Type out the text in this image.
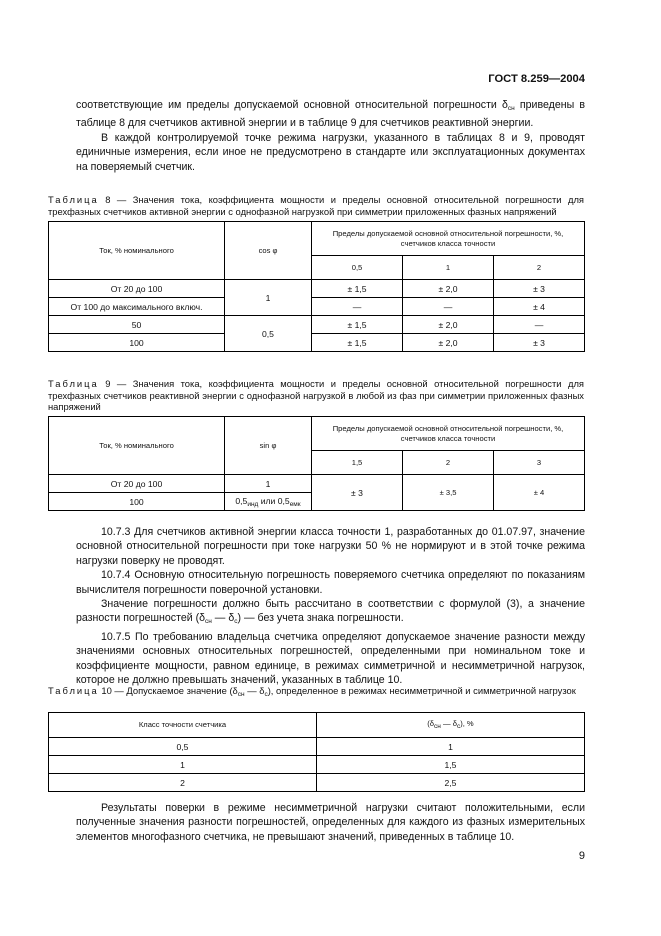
ГОСТ 8.259—2004

соответствующие им пределы допускаемой основной относительной погрешности $\delta_{сн}$ приведены в таблице 8 для счетчиков активной энергии и в таблице 9 для счетчиков реактивной энергии.

В каждой контролируемой точке режима нагрузки, указанного в таблицах 8 и 9, проводят единичные измерения, если иное не предусмотрено в стандарте или эксплуатационных документах на поверяемый счетчик.

Таблица 8 — Значения тока, коэффициента мощности и пределы основной относительной погрешности для трехфазных счетчиков активной энергии с однофазной нагрузкой при симметрии приложенных фазных напряжений
Ток, % номинального	cos φ	Пределы допускаемой основной относительной погрешности, %, счетчиков класса точности		
		0,5	1	2
От 20 до 100	1	± 1,5	± 2,0	± 3
От 100 до максимального включ.		—	—	± 4
50	0,5	± 1,5	± 2,0	—
100		± 1,5	± 2,0	± 3
Таблица 9 — Значения тока, коэффициента мощности и пределы основной относительной погрешности для трехфазных счетчиков реактивной энергии с однофазной нагрузкой в любой из фаз при симметрии приложенных фазных напряжений
Ток, % номинального	sin φ	Пределы допускаемой основной относительной погрешности, %, счетчиков класса точности		
		1,5	2	3
От 20 до 100	1	± 3	± 3,5	± 4
100	$0,5_{инд}$ или $0,5_{емк}$

10.7.3 Для счетчиков активной энергии класса точности 1, разработанных до 01.07.97, значение основной относительной погрешности при токе нагрузки 50 % не нормируют и в этой точке режима нагрузки поверку не проводят.

10.7.4 Основную относительную погрешность поверяемого счетчика определяют по показаниям вычислителя погрешности поверочной установки.

Значение погрешности должно быть рассчитано в соответствии с формулой (3), а значение разности погрешностей ($\delta_{сн}$ — $\delta_с$) — без учета знака погрешности.

10.7.5 По требованию владельца счетчика определяют допускаемое значение разности между значениями основных относительных погрешностей, определенными при номинальном токе и коэффициенте мощности, равном единице, в режимах симметричной и несимметричной нагрузок, которое не должно превышать значений, указанных в таблице 10.

Таблица 10 — Допускаемое значение ($\delta_{сн}$ — $\delta_с$), определенное в режимах несимметричной и симметричной нагрузок
Класс точности счетчика	(δсн — δс), %
0,5	1
1	1,5
2	2,5

Результаты поверки в режиме несимметричной нагрузки считают положительными, если полученные значения разности погрешностей, определенных для каждого из фазных измерительных элементов многофазного счетчика, не превышают значений, приведенных в таблице 10.

9
